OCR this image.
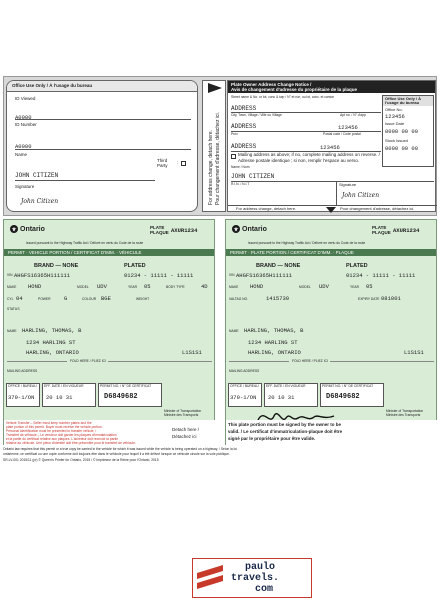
Office Use Only / À l'usage du bureau
ID Viewed
A0000
ID Number
A0000
Name
Third Party
:
JOHN CITIZEN
Signature
John Citizen	For address change, detach here. Pour changement d'adresse, détachez ici.
Plate Owner Address Change Notice /
Avis de changement d'adresse du propriétaire de la plaque
Office Use Only / À l'usage du bureau
Office No.
123456
Issue Date
0000 00 00
Stock Issued
0000 00 00
Street name & No. or lot, conc & twp / N° et rue, ou lot, conc. et canton
ADDRESS
City, Town, Village / Ville ou Village	Apt no. / N° d'app
ADDRESS	123456
Prov	Postal code / Code postal
ADDRESS	123456
Mailing address as above; if no, complete mailing address on reverse. /
Adresse postale identique ; si non, remplir l'espace au verso.
Name / Nom
JOHN CITIZEN
R.I.N. / N.I.T	Signature
John Citizen
For address change, detach here.	Pour changement d'adresse, détachez ici.
Ontario	PLATE
PLAQUE AXUR1234
Issued pursuant to the Highway Traffic Act / Délivré en vertu du Code de la route
PERMIT · VEHICLE PORTION / CERTIFICAT D'IMM. · VÉHICULE
BRAND — NONE	PLATED
VIN AHGFS16365H111111	01234 - 11111 - 11111
MAKE HOND	MODEL UDV	YEAR 05	BODY TYPE	4D
CYL 04	POWER G	COLOUR BGE	WEIGHT
STATUS
NAME HARLING, THOMAS, B
1234 HARLING ST
HARLING, ONTARIO	L1S1S1
FOLD HERE / PLIEZ ICI
MAILING ADDRESS
OFFICE / BUREAU
379-1/ON
EFF. DATE / EN VIGUEUR
20 10 31
PERMIT NO. / N° DE CERTIFICAT
D6849682
Minister of Transportation
Ministre des Transports
Vehicle Transfer – Seller must keep number plates and the
plate portion of this permit. Buyer must receive the vehicle portion.
Personal identification must be presented to transfer vehicle. /
Transfert de véhicule – Le vendeur doit garder les plaques d'immatriculation
et la partie du certificat relative aux plaques. L'acheteur doit recevoir la partie
relative au véhicule. Une pièce d'identité doit être présentée pour le transfert de véhicule.
Detach here /
Détachez ici
Ontario	PLATE
PLAQUE AXUR1234
Issued pursuant to the Highway Traffic Act / Délivré en vertu du Code de la route
PERMIT · PLATE PORTION / CERTIFICAT D'IMM. · PLAQUE
BRAND — NONE	PLATED
VIN AHGFS16365H111111	01234 - 11111 - 11111
MAKE HOND	MODEL UDV	YEAR 05
VALTAG NO.	1415730	EXPIRY DATE 081001
NAME HARLING, THOMAS, B
1234 HARLING ST
HARLING, ONTARIO	L1S1S1
FOLD HERE / PLIEZ ICI
MAILING ADDRESS
OFFICE / BUREAU
379-1/ON
EFF. DATE / EN VIGUEUR
20 10 31
PERMIT NO. / N° DE CERTIFICAT
D6849682
Minister of Transportation
Ministre des Transports
This plate portion must be signed by the owner to be
valid. / Le certificat d'immatriculation-plaque doit être
signé par le propriétaire pour être valide.
Ontario law requires that this permit or a true copy be carried in the vehicle for which it was issued while the vehicle is being operated on a highway. / Selon la loi
ontarienne, ce certificat ou une copie conforme doit toujours être dans le véhicule pour lequel il a été délivré lorsque ce véhicule circule sur la voie publique.
SR-LV-001 2015/11 (pr) © Queen's Printer for Ontario, 2015 / © Imprimeur de la Reine pour l'Ontario, 2015
paulo
travels.
com
